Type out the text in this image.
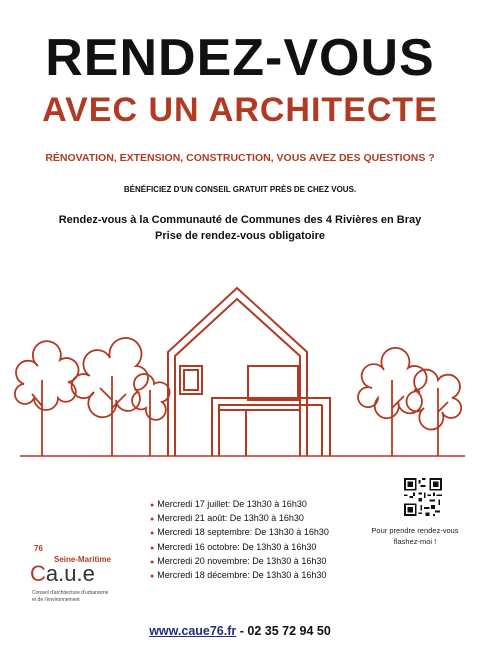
RENDEZ-VOUS
AVEC UN ARCHITECTE
RÉNOVATION, EXTENSION, CONSTRUCTION, VOUS AVEZ DES QUESTIONS ?
BÉNÉFICIEZ D'UN CONSEIL GRATUIT PRÈS DE CHEZ VOUS.
Rendez-vous à la Communauté de Communes des 4 Rivières en Bray
Prise de rendez-vous obligatoire
● Mercredi 17 juillet: De 13h30 à 16h30
● Mercredi 21 août: De 13h30 à 16h30
● Mercredi 18 septembre: De 13h30 à 16h30
● Mercredi 16 octobre: De 13h30 à 16h30
● Mercredi 20 novembre: De 13h30 à 16h30
● Mercredi 18 décembre: De 13h30 à 16h30
Pour prendre rendez-vous
flashez-moi !
76
Seine-Maritime
Ca.u.e
Conseil d'architecture d'urbanisme
et de l'environnement
www.caue76.fr - 02 35 72 94 50
